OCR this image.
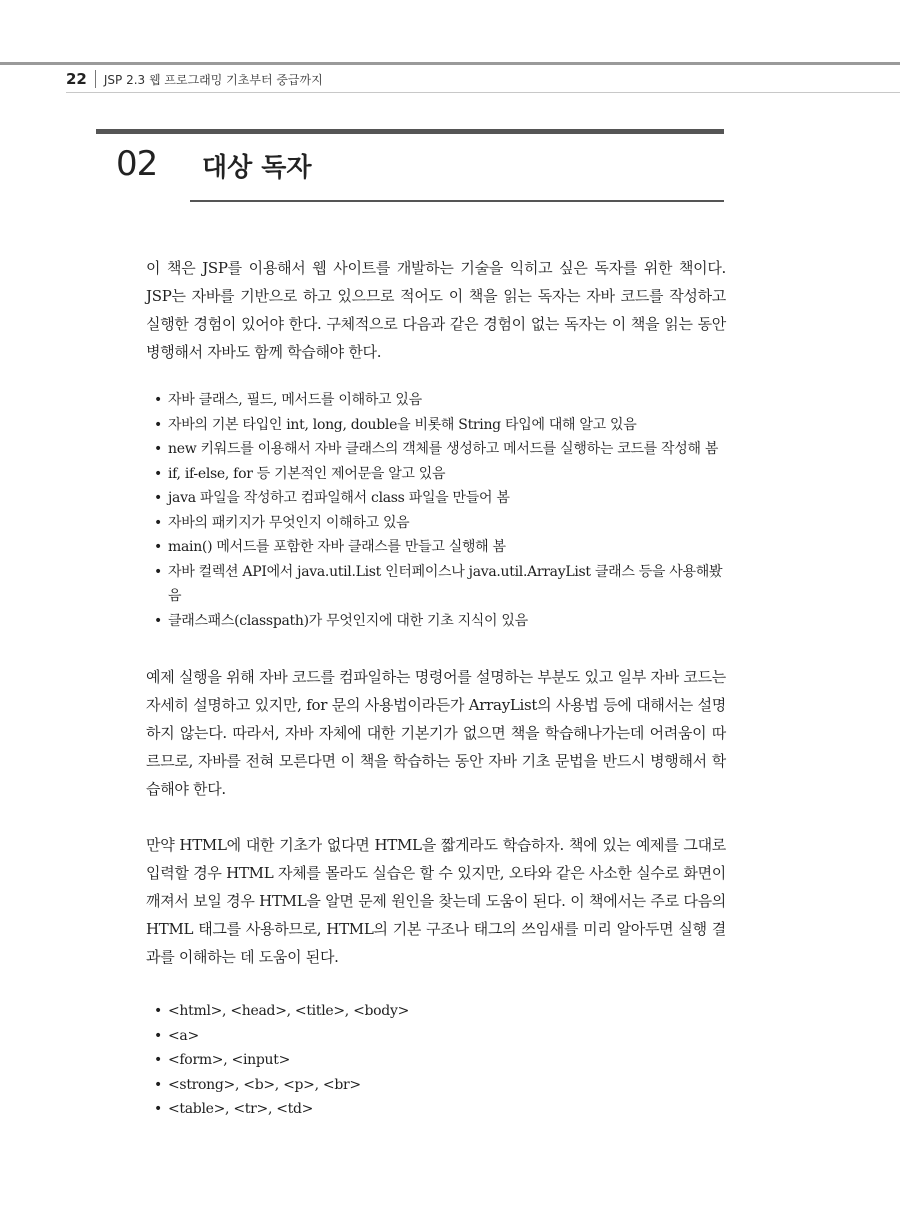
22	JSP 2.3 웹 프로그래밍 기초부터 중급까지
02 대상 독자

이 책은 JSP를 이용해서 웹 사이트를 개발하는 기술을 익히고 싶은 독자를 위한 책이다. JSP는 자바를 기반으로 하고 있으므로 적어도 이 책을 읽는 독자는 자바 코드를 작성하고 실행한 경험이 있어야 한다. 구체적으로 다음과 같은 경험이 없는 독자는 이 책을 읽는 동안 병행해서 자바도 함께 학습해야 한다.

• 자바 클래스, 필드, 메서드를 이해하고 있음
• 자바의 기본 타입인 int, long, double을 비롯해 String 타입에 대해 알고 있음
• new 키워드를 이용해서 자바 클래스의 객체를 생성하고 메서드를 실행하는 코드를 작성해 봄
• if, if-else, for 등 기본적인 제어문을 알고 있음
• java 파일을 작성하고 컴파일해서 class 파일을 만들어 봄
• 자바의 패키지가 무엇인지 이해하고 있음
• main() 메서드를 포함한 자바 클래스를 만들고 실행해 봄
• 자바 컬렉션 API에서 java.util.List 인터페이스나 java.util.ArrayList 클래스 등을 사용해봤음
• 클래스패스(classpath)가 무엇인지에 대한 기초 지식이 있음

예제 실행을 위해 자바 코드를 컴파일하는 명령어를 설명하는 부분도 있고 일부 자바 코드는 자세히 설명하고 있지만, for 문의 사용법이라든가 ArrayList의 사용법 등에 대해서는 설명하지 않는다. 따라서, 자바 자체에 대한 기본기가 없으면 책을 학습해나가는데 어려움이 따르므로, 자바를 전혀 모른다면 이 책을 학습하는 동안 자바 기초 문법을 반드시 병행해서 학습해야 한다.

만약 HTML에 대한 기초가 없다면 HTML을 짧게라도 학습하자. 책에 있는 예제를 그대로 입력할 경우 HTML 자체를 몰라도 실습은 할 수 있지만, 오타와 같은 사소한 실수로 화면이 깨져서 보일 경우 HTML을 알면 문제 원인을 찾는데 도움이 된다. 이 책에서는 주로 다음의 HTML 태그를 사용하므로, HTML의 기본 구조나 태그의 쓰임새를 미리 알아두면 실행 결과를 이해하는 데 도움이 된다.

• <html>, <head>, <title>, <body>
• <a>
• <form>, <input>
• <strong>, <b>, <p>, <br>
• <table>, <tr>, <td>
